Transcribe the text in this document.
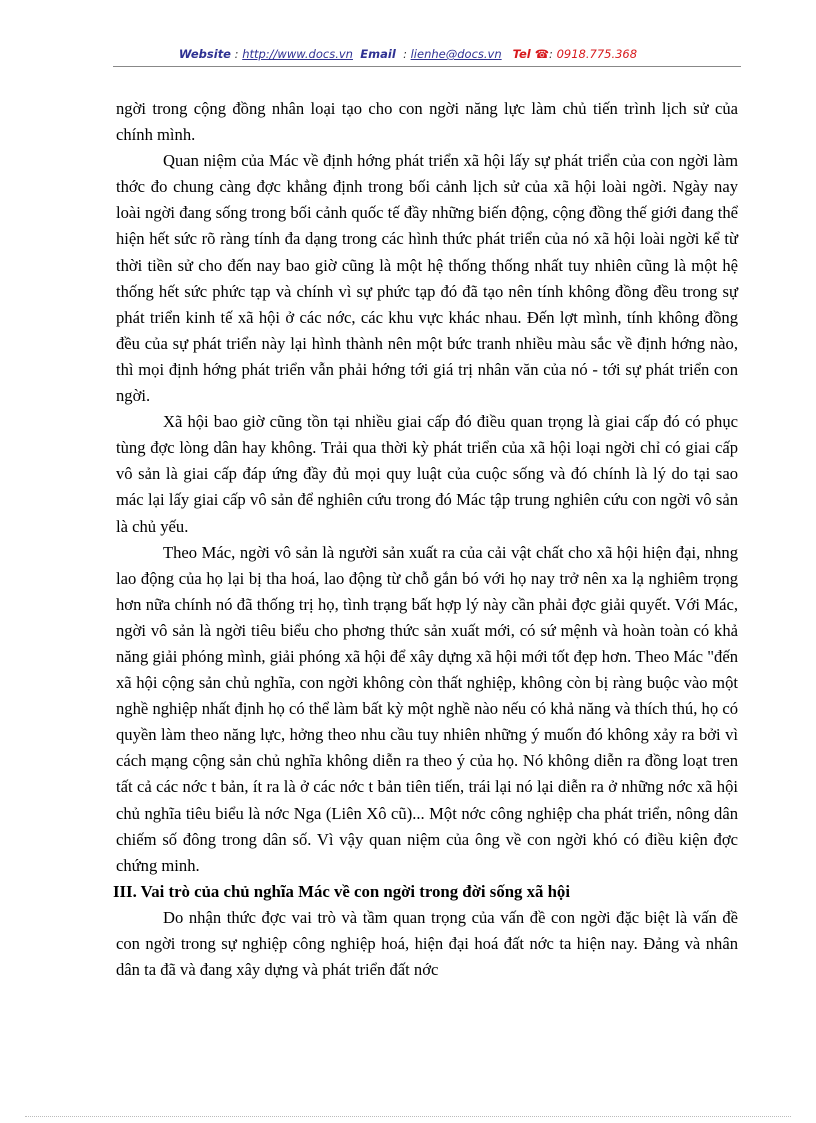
Website : http://www.docs.vn Email  : lienhe@docs.vn Tel ☎: 0918.775.368

ngời trong cộng đồng nhân loại tạo cho con ngời năng lực làm chủ tiến trình lịch sử của chính mình.

Quan niệm của Mác về định hớng phát triển xã hội lấy sự phát triển của con ngời làm thớc đo chung càng đợc khẳng định trong bối cảnh lịch sử của xã hội loài ngời. Ngày nay loài ngời đang sống trong bối cảnh quốc tế đầy những biến động, cộng đồng thế giới đang thể hiện hết sức rõ ràng tính đa dạng trong các hình thức phát triển của nó xã hội loài ngời kể từ thời tiền sử cho đến nay bao giờ cũng là một hệ thống thống nhất tuy nhiên cũng là một hệ thống hết sức phức tạp và chính vì sự phức tạp đó đã tạo nên tính không đồng đều trong sự phát triển kinh tế xã hội ở các nớc, các khu vực khác nhau. Đến lợt mình, tính không đồng đều của sự phát triển này lại hình thành nên một bức tranh nhiều màu sắc về định hớng nào, thì mọi định hớng phát triển vẫn phải hớng tới giá trị nhân văn của nó - tới sự phát triển con ngời.

Xã hội bao giờ cũng tồn tại nhiều giai cấp đó điều quan trọng là giai cấp đó có phục tùng đợc lòng dân hay không. Trải qua thời kỳ phát triển của xã hội loại ngời chỉ có giai cấp vô sản là giai cấp đáp ứng đầy đủ mọi quy luật của cuộc sống và đó chính là lý do tại sao mác lại lấy giai cấp vô sản để nghiên cứu trong đó Mác tập trung nghiên cứu con ngời vô sản là chủ yếu.

Theo Mác, ngời vô sản là người sản xuất ra của cải vật chất cho xã hội hiện đại, nhng lao động của họ lại bị tha hoá, lao động từ chỗ gắn bó với họ nay trở nên xa lạ nghiêm trọng hơn nữa chính nó đã thống trị họ, tình trạng bất hợp lý này cần phải đợc giải quyết. Với Mác, ngời vô sản là ngời tiêu biểu cho phơng thức sản xuất mới, có sứ mệnh và hoàn toàn có khả năng giải phóng mình, giải phóng xã hội để xây dựng xã hội mới tốt đẹp hơn. Theo Mác "đến xã hội cộng sản chủ nghĩa, con ngời không còn thất nghiệp, không còn bị ràng buộc vào một nghề nghiệp nhất định họ có thể làm bất kỳ một nghề nào nếu có khả năng và thích thú, họ có quyền làm theo năng lực, hởng theo nhu cầu tuy nhiên những ý muốn đó không xảy ra bởi vì cách mạng cộng sản chủ nghĩa không diễn ra theo ý của họ. Nó không diễn ra đồng loạt tren tất cả các nớc t bản, ít ra là ở các nớc t bản tiên tiến, trái lại nó lại diễn ra ở những nớc xã hội chủ nghĩa tiêu biểu là nớc Nga (Liên Xô cũ)... Một nớc công nghiệp cha phát triển, nông dân chiếm số đông trong dân số. Vì vậy quan niệm của ông về con ngời khó có điều kiện đợc chứng minh.

III. Vai trò của chủ nghĩa Mác về con ngời trong đời sống xã hội

Do nhận thức đợc vai trò và tầm quan trọng của vấn đề con ngời đặc biệt là vấn đề con ngời trong sự nghiệp công nghiệp hoá, hiện đại hoá đất nớc ta hiện nay. Đảng và nhân dân ta đã và đang xây dựng và phát triển đất nớc
